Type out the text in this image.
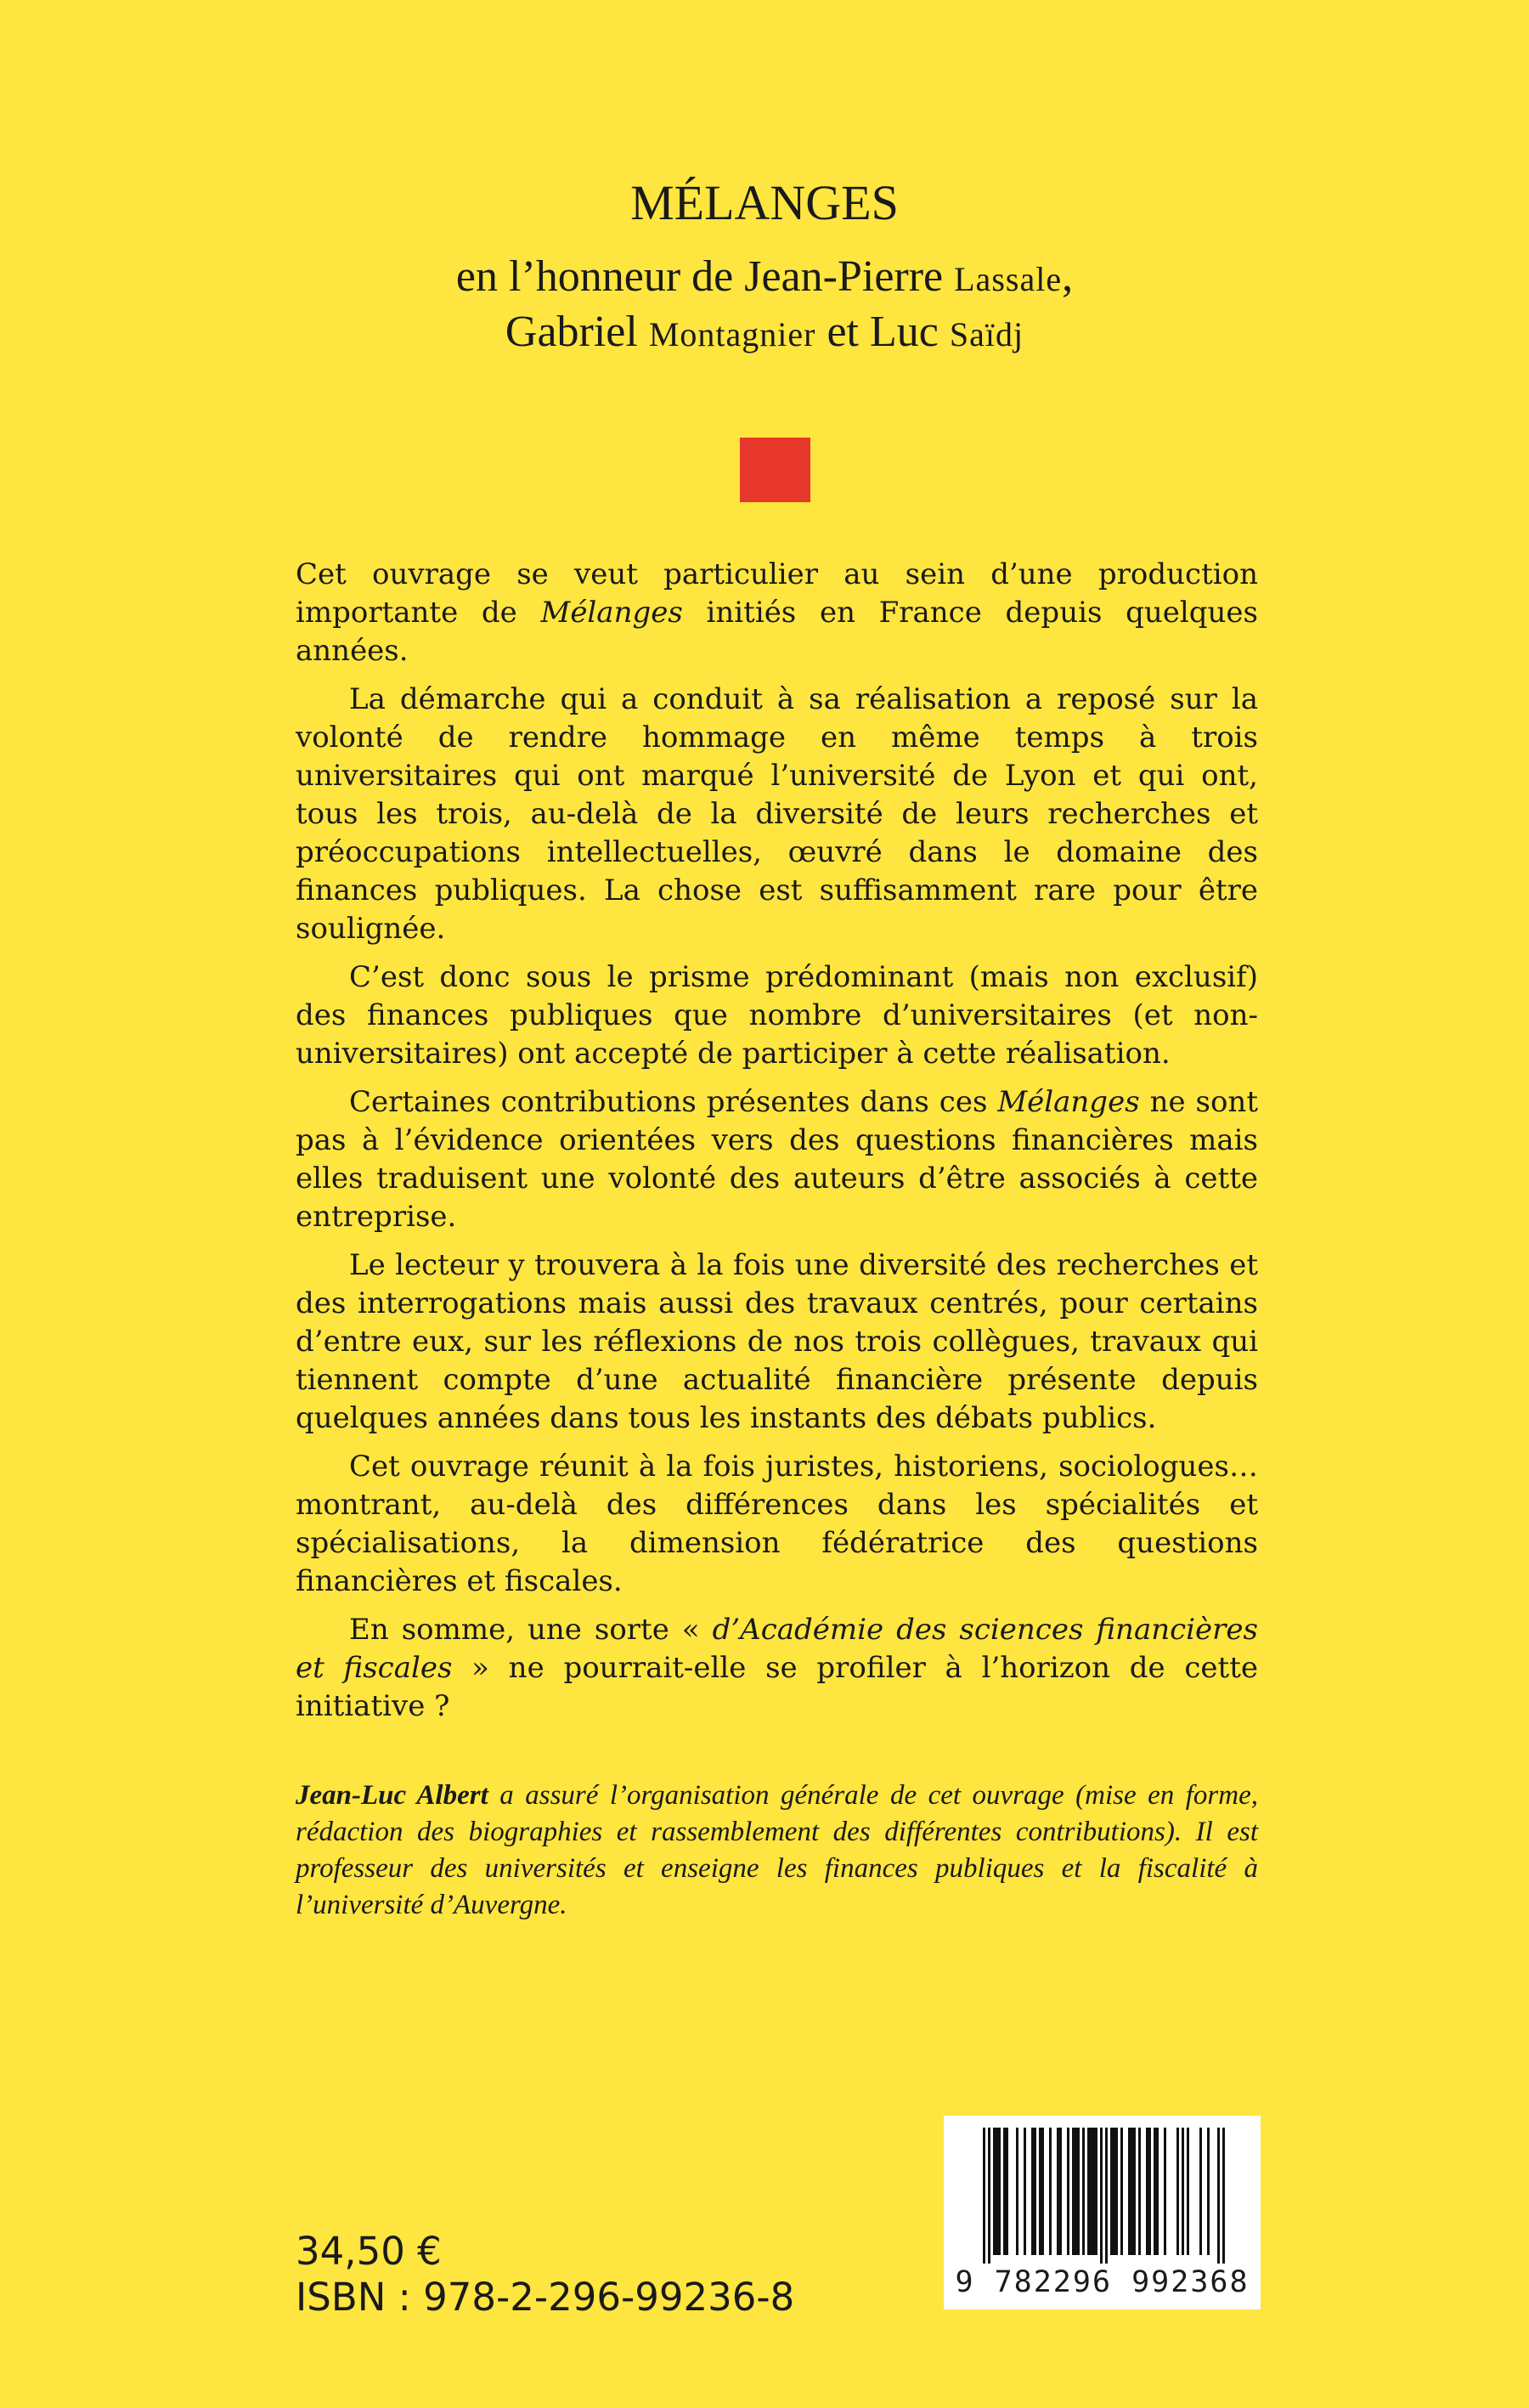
MÉLANGES
en l’honneur de Jean-Pierre Lassale,
Gabriel Montagnier et Luc Saïdj

Cet ouvrage se veut particulier au sein d’une production importante de Mélanges initiés en France depuis quelques années.

La démarche qui a conduit à sa réalisation a reposé sur la volonté de rendre hommage en même temps à trois universitaires qui ont marqué l’université de Lyon et qui ont, tous les trois, au-delà de la diversité de leurs recherches et préoccupations intellectuelles, œuvré dans le domaine des finances publiques. La chose est suffisamment rare pour être soulignée.

C’est donc sous le prisme prédominant (mais non exclusif) des finances publiques que nombre d’universitaires (et non-universitaires) ont accepté de participer à cette réalisation.

Certaines contributions présentes dans ces Mélanges ne sont pas à l’évidence orientées vers des questions financières mais elles traduisent une volonté des auteurs d’être associés à cette entreprise.

Le lecteur y trouvera à la fois une diversité des recherches et des interrogations mais aussi des travaux centrés, pour certains d’entre eux, sur les réflexions de nos trois collègues, travaux qui tiennent compte d’une actualité financière présente depuis quelques années dans tous les instants des débats publics.

Cet ouvrage réunit à la fois juristes, historiens, sociologues… montrant, au-delà des différences dans les spécialités et spécialisations, la dimension fédératrice des questions financières et fiscales.

En somme, une sorte « d’Académie des sciences financières et fiscales » ne pourrait-elle se profiler à l’horizon de cette initiative ?

Jean-Luc Albert a assuré l’organisation générale de cet ouvrage (mise en forme, rédaction des biographies et rassemblement des différentes contributions). Il est professeur des universités et enseigne les finances publiques et la fiscalité à l’université d’Auvergne.

34,50 €
ISBN : 978-2-296-99236-8	9 782296 992368
